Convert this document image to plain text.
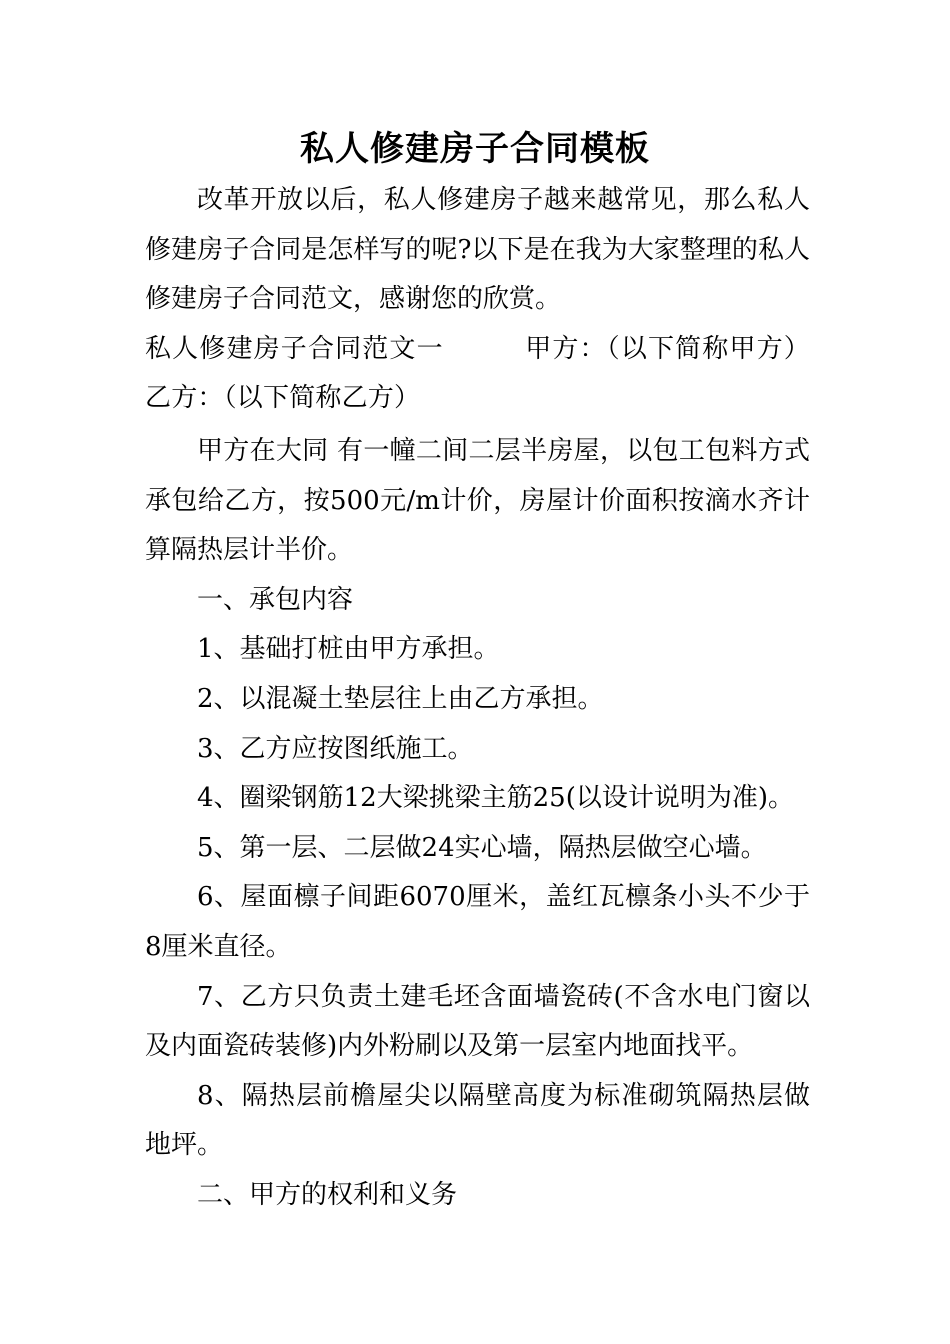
私人修建房子合同模板

改革开放以后，私人修建房子越来越常见，那么私人修建房子合同是怎样写的呢?以下是在我为大家整理的私人修建房子合同范文，感谢您的欣赏。

私人修建房子合同范文一　　　甲方：（以下简称甲方）乙方：（以下简称乙方）

甲方在大同 有一幢二间二层半房屋，以包工包料方式承包给乙方，按500元/m计价，房屋计价面积按滴水齐计算隔热层计半价。

一、承包内容

1、基础打桩由甲方承担。

2、以混凝土垫层往上由乙方承担。

3、乙方应按图纸施工。

4、圈梁钢筋12大梁挑梁主筋25(以设计说明为准)。

5、第一层、二层做24实心墙，隔热层做空心墙。

6、屋面檩子间距6070厘米，盖红瓦檩条小头不少于8厘米直径。

7、乙方只负责土建毛坯含面墙瓷砖(不含水电门窗以及内面瓷砖装修)内外粉刷以及第一层室内地面找平。

8、隔热层前檐屋尖以隔壁高度为标准砌筑隔热层做地坪。

二、甲方的权利和义务
